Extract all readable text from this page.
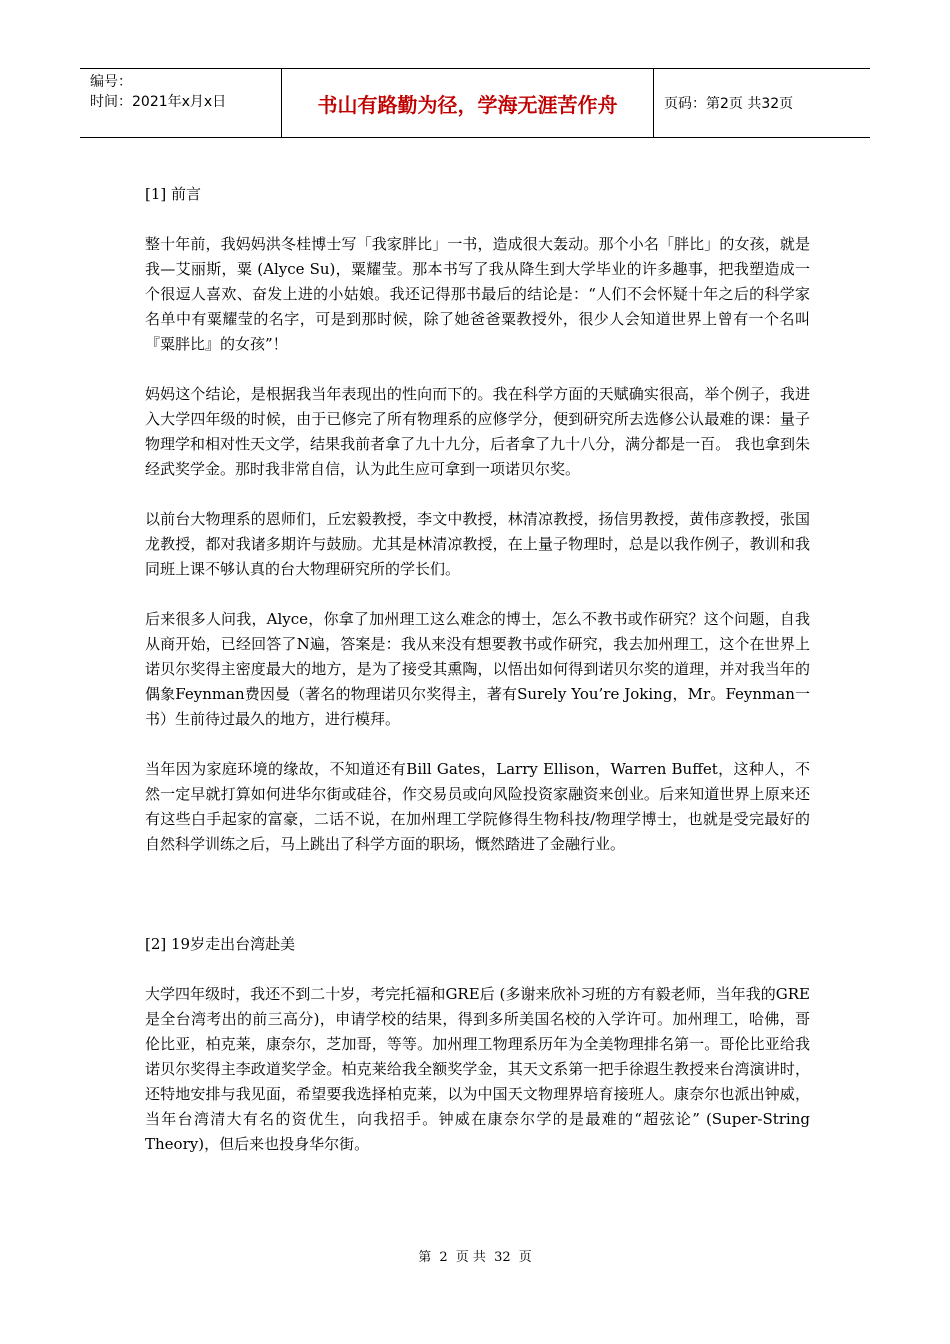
编号：
时间：2021年x月x日	书山有路勤为径，学海无涯苦作舟	页码：第2页 共32页
[1] 前言

整十年前，我妈妈洪冬桂博士写「我家胖比」一书，造成很大轰动。那个小名「胖比」的女孩，就是我—艾丽斯，粟 (Alyce Su)，粟耀莹。那本书写了我从降生到大学毕业的许多趣事，把我塑造成一个很逗人喜欢、奋发上进的小姑娘。我还记得那书最后的结论是：“人们不会怀疑十年之后的科学家名单中有粟耀莹的名字，可是到那时候，除了她爸爸粟教授外，很少人会知道世界上曾有一个名叫『粟胖比』的女孩”！

妈妈这个结论，是根据我当年表现出的性向而下的。我在科学方面的天赋确实很高，举个例子，我进入大学四年级的时候，由于已修完了所有物理系的应修学分，便到研究所去选修公认最难的课：量子物理学和相对性天文学，结果我前者拿了九十九分，后者拿了九十八分，满分都是一百。 我也拿到朱经武奖学金。那时我非常自信，认为此生应可拿到一项诺贝尔奖。

以前台大物理系的恩师们，丘宏毅教授，李文中教授，林清凉教授，扬信男教授，黄伟彦教授，张国龙教授，都对我诸多期许与鼓励。尤其是林清凉教授，在上量子物理时，总是以我作例子，教训和我同班上课不够认真的台大物理研究所的学长们。

后来很多人问我，Alyce，你拿了加州理工这么难念的博士，怎么不教书或作研究？这个问题，自我从商开始，已经回答了N遍，答案是：我从来没有想要教书或作研究，我去加州理工，这个在世界上诺贝尔奖得主密度最大的地方，是为了接受其熏陶，以悟出如何得到诺贝尔奖的道理，并对我当年的偶象Feynman费因曼（著名的物理诺贝尔奖得主，著有Surely You’re Joking，Mr。Feynman一书）生前待过最久的地方，进行模拜。

当年因为家庭环境的缘故，不知道还有Bill Gates，Larry Ellison，Warren Buffet，这种人，不然一定早就打算如何进华尔街或硅谷，作交易员或向风险投资家融资来创业。后来知道世界上原来还有这些白手起家的富豪，二话不说，在加州理工学院修得生物科技/物理学博士，也就是受完最好的自然科学训练之后，马上跳出了科学方面的职场，慨然踏进了金融行业。

[2] 19岁走出台湾赴美

大学四年级时，我还不到二十岁，考完托福和GRE后 (多谢来欣补习班的方有毅老师，当年我的GRE是全台湾考出的前三高分)，申请学校的结果，得到多所美国名校的入学许可。加州理工，哈佛，哥伦比亚，柏克莱，康奈尔，芝加哥，等等。加州理工物理系历年为全美物理排名第一。哥伦比亚给我诺贝尔奖得主李政道奖学金。柏克莱给我全额奖学金，其天文系第一把手徐遐生教授来台湾演讲时，还特地安排与我见面，希望要我选择柏克莱，以为中国天文物理界培育接班人。康奈尔也派出钟威，当年台湾清大有名的资优生，向我招手。钟威在康奈尔学的是最难的“超弦论” (Super-String Theory)，但后来也投身华尔街。

第 2 页 共 32 页
